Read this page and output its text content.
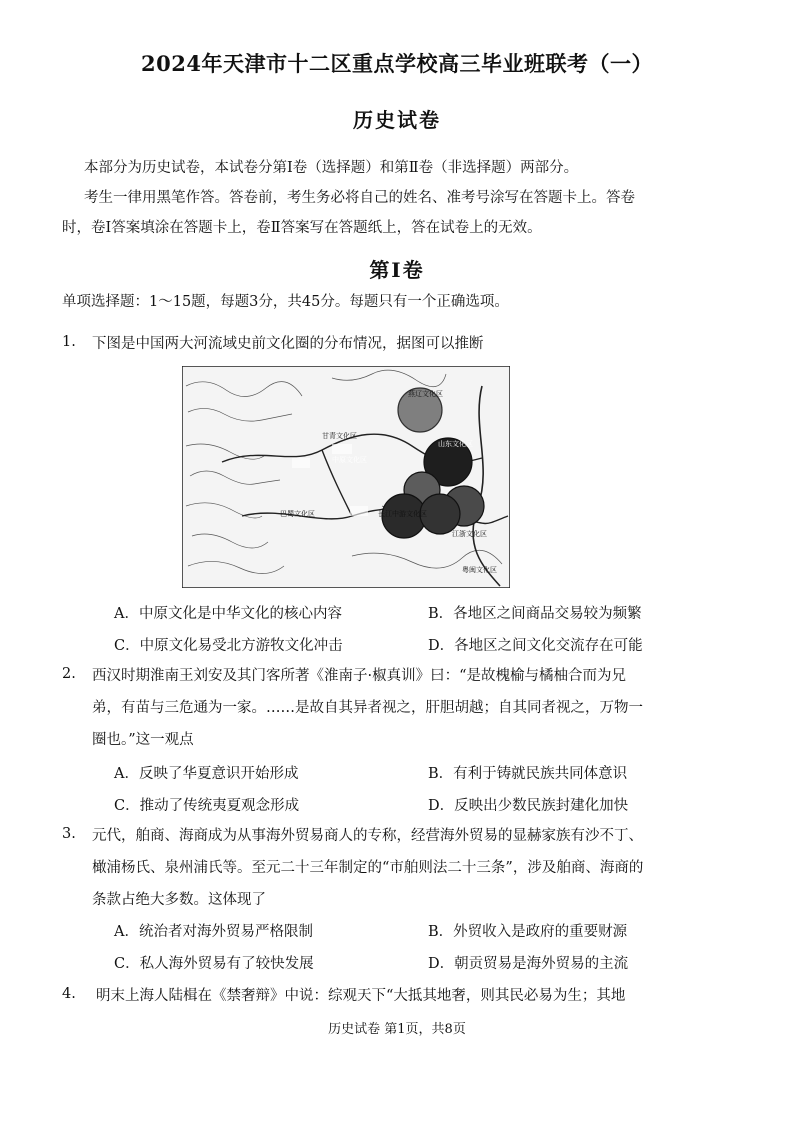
2024年天津市十二区重点学校高三毕业班联考（一）
历史试卷
本部分为历史试卷，本试卷分第Ⅰ卷（选择题）和第Ⅱ卷（非选择题）两部分。
考生一律用黑笔作答。答卷前，考生务必将自己的姓名、准考号涂写在答题卡上。答卷
时，卷Ⅰ答案填涂在答题卡上，卷Ⅱ答案写在答题纸上，答在试卷上的无效。
第Ⅰ卷
单项选择题：1～15题，每题3分，共45分。每题只有一个正确选项。
1. 下图是中国两大河流域史前文化圈的分布情况，据图可以推断
甘青文化区
中原文化区
燕辽文化区
山东文化区
巴蜀文化区	长江中游文化区
江浙文化区
粤闽文化区
A．中原文化是中华文化的核心内容	B．各地区之间商品交易较为频繁
C．中原文化易受北方游牧文化冲击	D．各地区之间文化交流存在可能
2. 西汉时期淮南王刘安及其门客所著《淮南子·椒真训》曰：“是故槐榆与橘柚合而为兄
弟，有苗与三危通为一家。……是故自其异者视之，肝胆胡越；自其同者视之，万物一
圈也。”这一观点
A．反映了华夏意识开始形成	B．有利于铸就民族共同体意识
C．推动了传统夷夏观念形成	D．反映出少数民族封建化加快
3. 元代，舶商、海商成为从事海外贸易商人的专称，经营海外贸易的显赫家族有沙不丁、
橄浦杨氏、泉州浦氏等。至元二十三年制定的“市舶则法二十三条”，涉及舶商、海商的
条款占绝大多数。这体现了
A．统治者对海外贸易严格限制	B．外贸收入是政府的重要财源
C．私人海外贸易有了较快发展	D．朝贡贸易是海外贸易的主流
4. 明末上海人陆楫在《禁奢辩》中说：综观天下“大抵其地奢，则其民必易为生；其地
历史试卷 第1页，共8页
